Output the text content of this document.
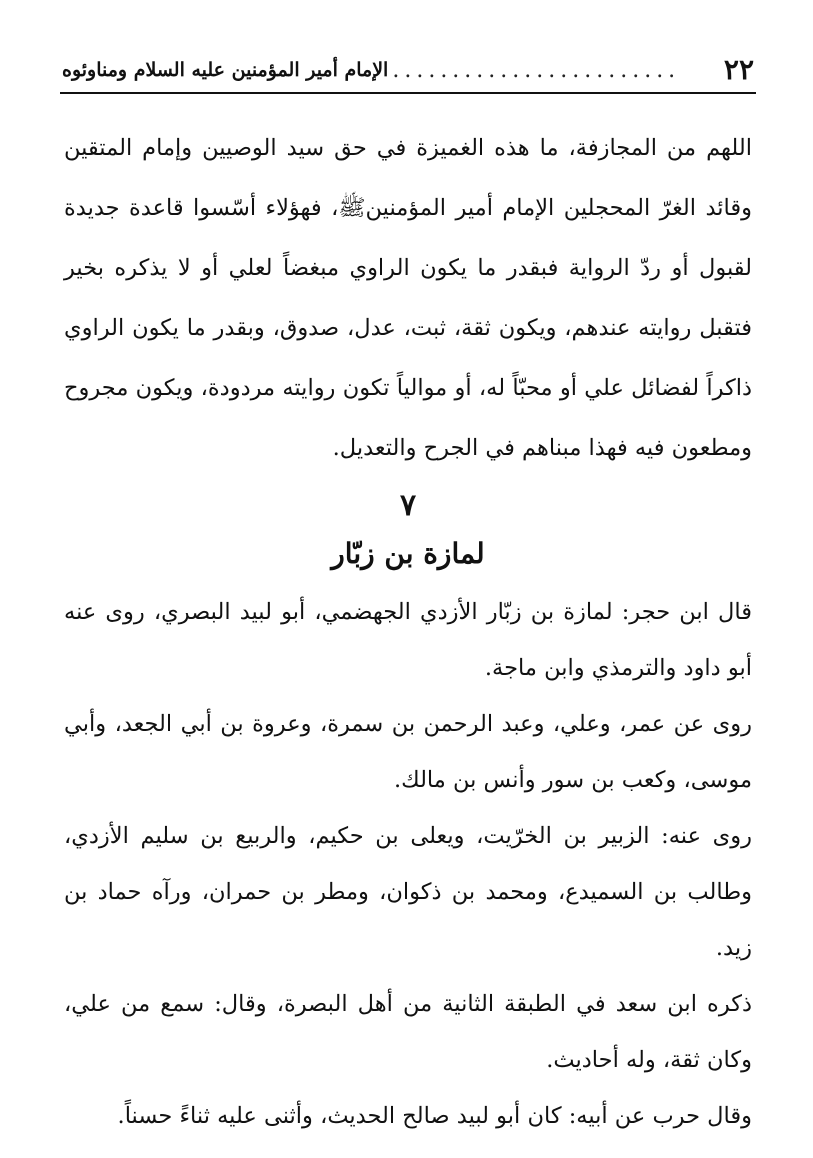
٢٢
........................
الإمام أمير المؤمنين عليه السلام ومناوئوه

اللهم من المجازفة، ما هذه الغميزة في حق سيد الوصيين وإمام المتقين وقائد الغرّ المحجلين الإمام أمير المؤمنينﷺ، فهؤلاء أسّسوا قاعدة جديدة لقبول أو ردّ الرواية فبقدر ما يكون الراوي مبغضاً لعلي أو لا يذكره بخير فتقبل روايته عندهم، ويكون ثقة، ثبت، عدل، صدوق، وبقدر ما يكون الراوي ذاكراً لفضائل علي أو محبّاً له، أو موالياً تكون روايته مردودة، ويكون مجروح ومطعون فيه فهذا مبناهم في الجرح والتعديل.

٧
لمازة بن زبّار

قال ابن حجر: لمازة بن زبّار الأزدي الجهضمي، أبو لبيد البصري، روى عنه أبو داود والترمذي وابن ماجة.

روى عن عمر، وعلي، وعبد الرحمن بن سمرة، وعروة بن أبي الجعد، وأبي موسى، وكعب بن سور وأنس بن مالك.

روى عنه: الزبير بن الخرّيت، ويعلى بن حكيم، والربيع بن سليم الأزدي، وطالب بن السميدع، ومحمد بن ذكوان، ومطر بن حمران، ورآه حماد بن زيد.

ذكره ابن سعد في الطبقة الثانية من أهل البصرة، وقال: سمع من علي، وكان ثقة، وله أحاديث.

وقال حرب عن أبيه: كان أبو لبيد صالح الحديث، وأثنى عليه ثناءً حسناً.
